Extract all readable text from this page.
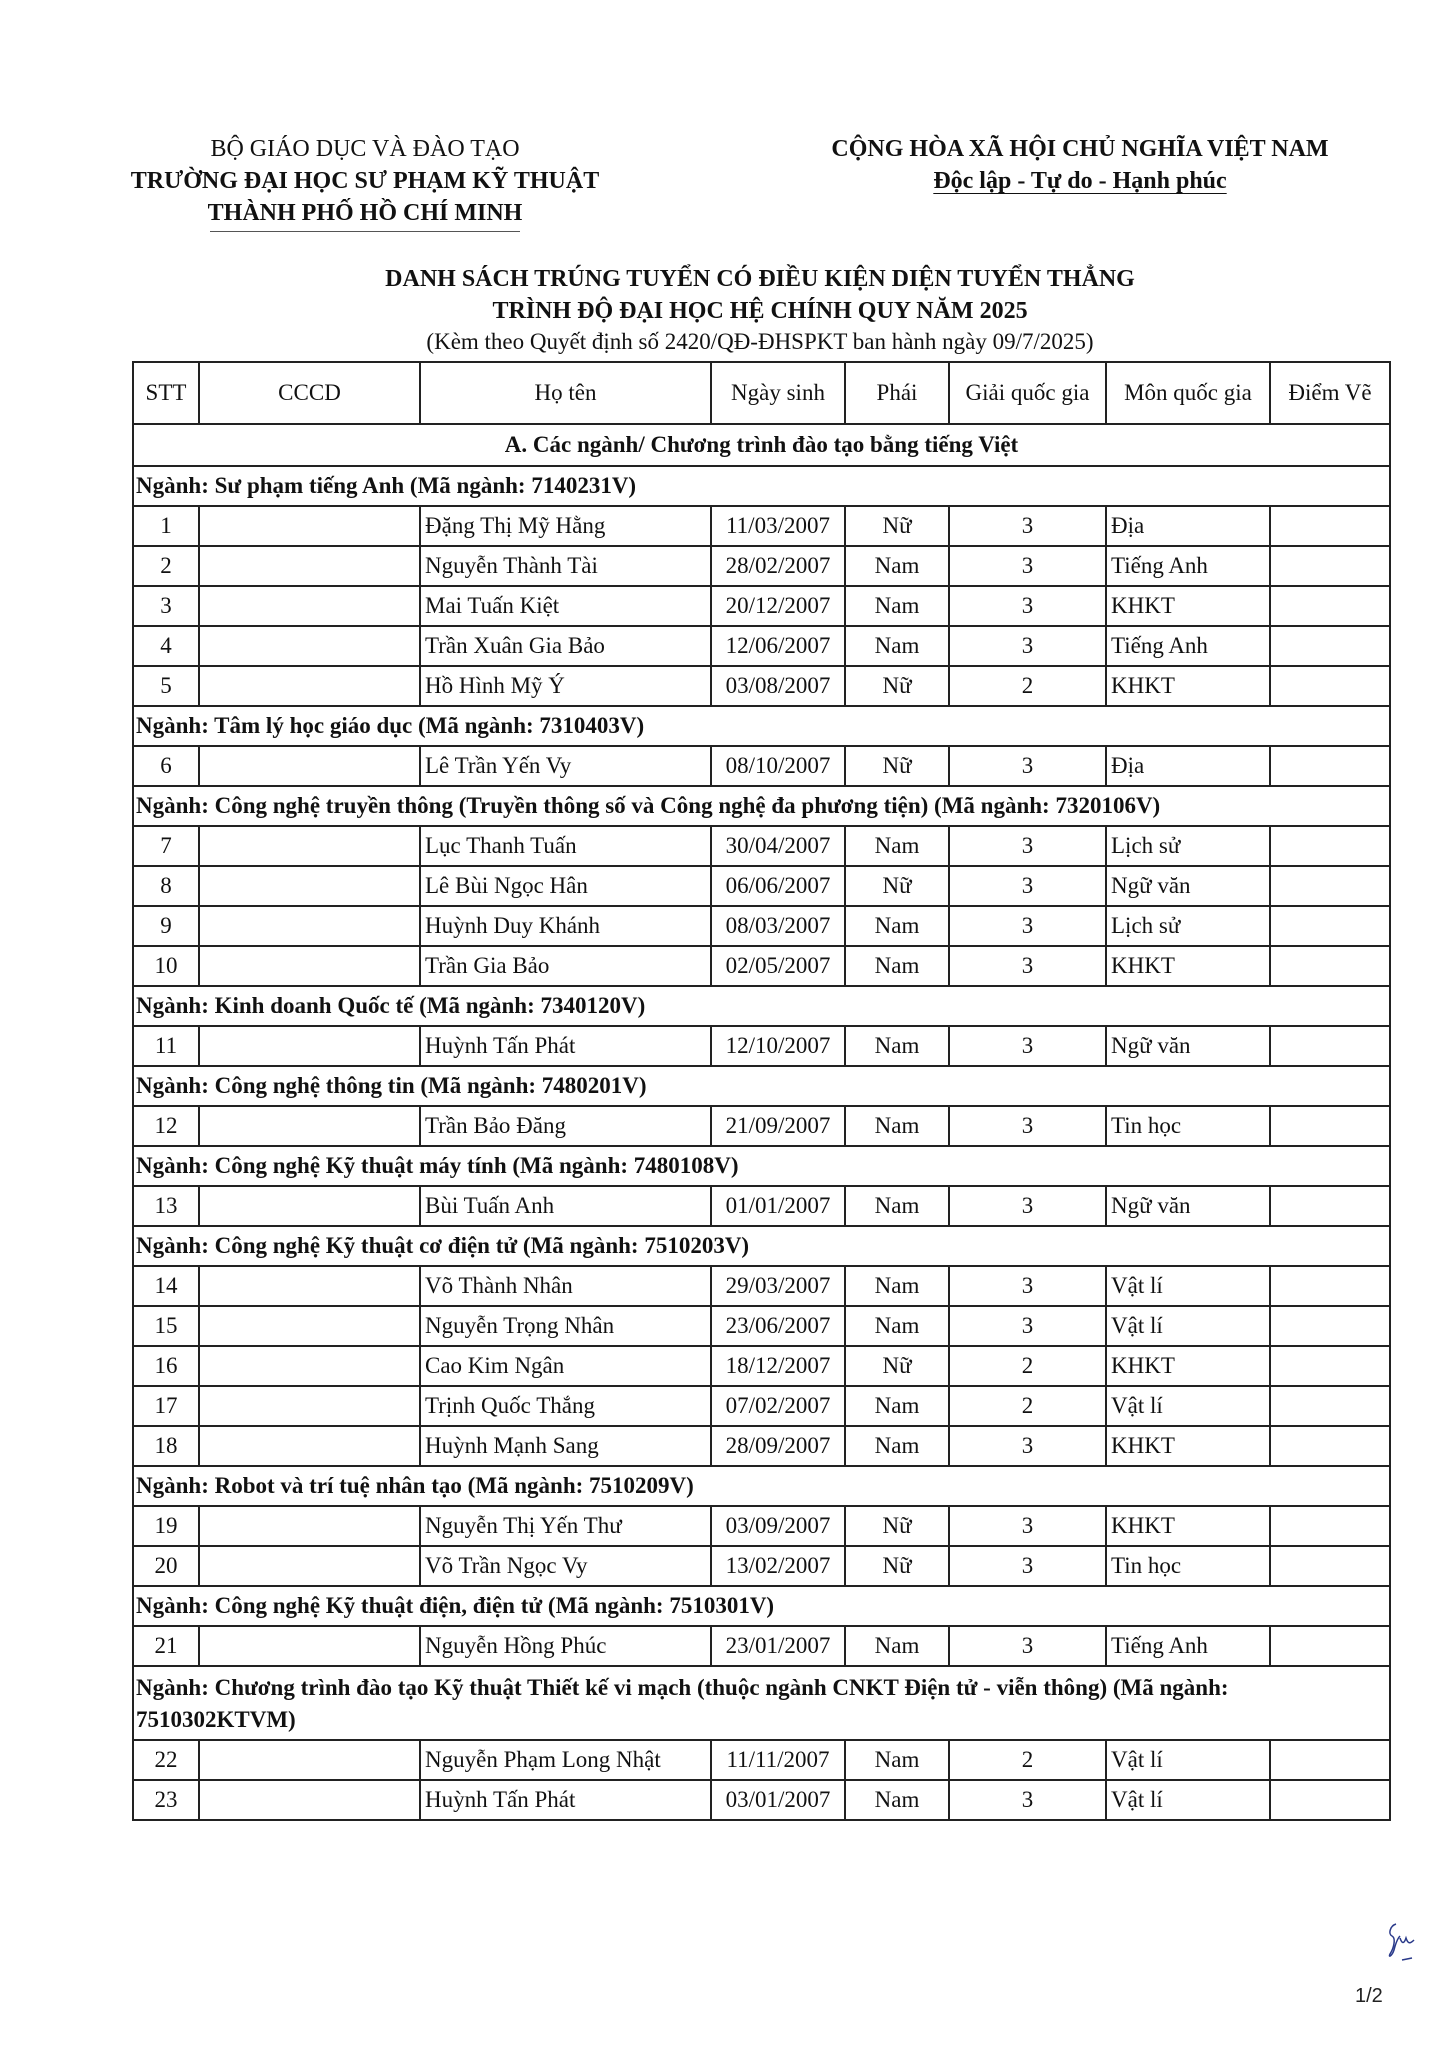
BỘ GIÁO DỤC VÀ ĐÀO TẠO
TRƯỜNG ĐẠI HỌC SƯ PHẠM KỸ THUẬT
THÀNH PHỐ HỒ CHÍ MINH
CỘNG HÒA XÃ HỘI CHỦ NGHĨA VIỆT NAM
Độc lập - Tự do - Hạnh phúc
DANH SÁCH TRÚNG TUYỂN CÓ ĐIỀU KIỆN DIỆN TUYỂN THẲNG
TRÌNH ĐỘ ĐẠI HỌC HỆ CHÍNH QUY NĂM 2025
(Kèm theo Quyết định số 2420/QĐ-ĐHSPKT ban hành ngày 09/7/2025)
STT	CCCD	Họ tên	Ngày sinh	Phái	Giải quốc gia	Môn quốc gia	Điểm Vẽ
A. Các ngành/ Chương trình đào tạo bằng tiếng Việt							
Ngành: Sư phạm tiếng Anh (Mã ngành: 7140231V)							
1		Đặng Thị Mỹ Hằng	11/03/2007	Nữ	3	Địa	
2		Nguyễn Thành Tài	28/02/2007	Nam	3	Tiếng Anh	
3		Mai Tuấn Kiệt	20/12/2007	Nam	3	KHKT	
4		Trần Xuân Gia Bảo	12/06/2007	Nam	3	Tiếng Anh	
5		Hồ Hình Mỹ Ý	03/08/2007	Nữ	2	KHKT	
Ngành: Tâm lý học giáo dục (Mã ngành: 7310403V)							
6		Lê Trần Yến Vy	08/10/2007	Nữ	3	Địa	
Ngành: Công nghệ truyền thông (Truyền thông số và Công nghệ đa phương tiện) (Mã ngành: 7320106V)							
7		Lục Thanh Tuấn	30/04/2007	Nam	3	Lịch sử	
8		Lê Bùi Ngọc Hân	06/06/2007	Nữ	3	Ngữ văn	
9		Huỳnh Duy Khánh	08/03/2007	Nam	3	Lịch sử	
10		Trần Gia Bảo	02/05/2007	Nam	3	KHKT	
Ngành: Kinh doanh Quốc tế (Mã ngành: 7340120V)							
11		Huỳnh Tấn Phát	12/10/2007	Nam	3	Ngữ văn	
Ngành: Công nghệ thông tin (Mã ngành: 7480201V)							
12		Trần Bảo Đăng	21/09/2007	Nam	3	Tin học	
Ngành: Công nghệ Kỹ thuật máy tính (Mã ngành: 7480108V)							
13		Bùi Tuấn Anh	01/01/2007	Nam	3	Ngữ văn	
Ngành: Công nghệ Kỹ thuật cơ điện tử (Mã ngành: 7510203V)							
14		Võ Thành Nhân	29/03/2007	Nam	3	Vật lí	
15		Nguyễn Trọng Nhân	23/06/2007	Nam	3	Vật lí	
16		Cao Kim Ngân	18/12/2007	Nữ	2	KHKT	
17		Trịnh Quốc Thắng	07/02/2007	Nam	2	Vật lí	
18		Huỳnh Mạnh Sang	28/09/2007	Nam	3	KHKT	
Ngành: Robot và trí tuệ nhân tạo (Mã ngành: 7510209V)							
19		Nguyễn Thị Yến Thư	03/09/2007	Nữ	3	KHKT	
20		Võ Trần Ngọc Vy	13/02/2007	Nữ	3	Tin học	
Ngành: Công nghệ Kỹ thuật điện, điện tử (Mã ngành: 7510301V)							
21		Nguyễn Hồng Phúc	23/01/2007	Nam	3	Tiếng Anh	
Ngành: Chương trình đào tạo Kỹ thuật Thiết kế vi mạch (thuộc ngành CNKT Điện tử - viễn thông) (Mã ngành: 7510302KTVM)							
22		Nguyễn Phạm Long Nhật	11/11/2007	Nam	2	Vật lí	
23		Huỳnh Tấn Phát	03/01/2007	Nam	3	Vật lí	
1/2
